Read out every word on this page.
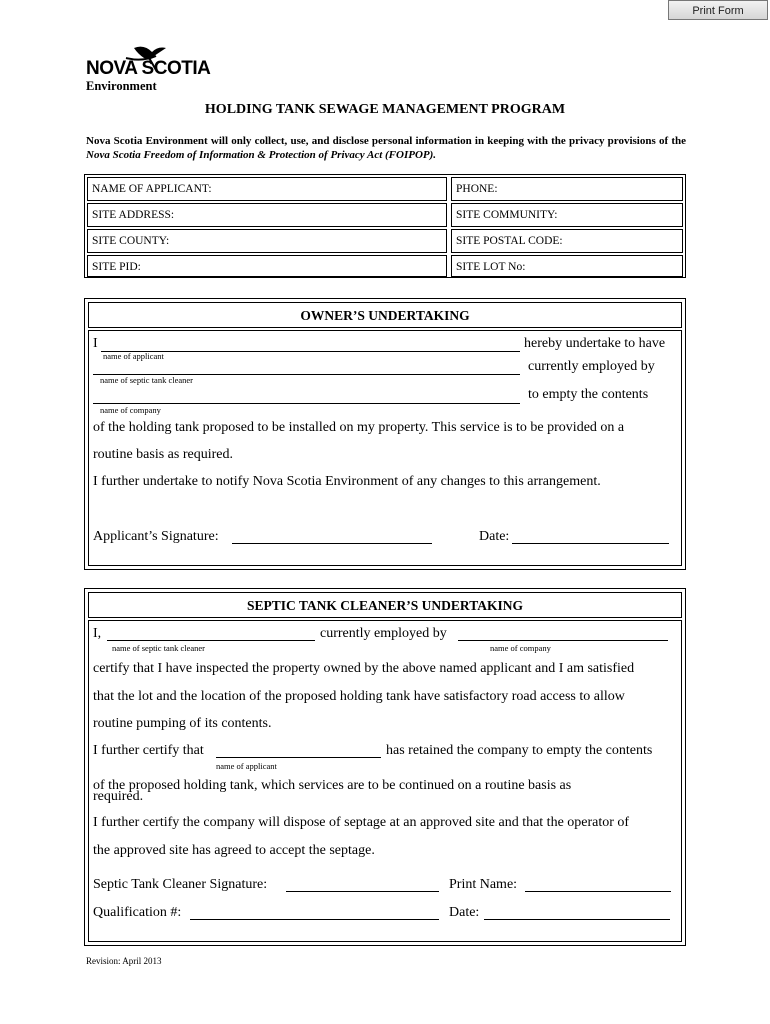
Print Form
NOVA SCOTIA
Environment
HOLDING TANK SEWAGE MANAGEMENT PROGRAM
Nova Scotia Environment will only collect, use, and disclose personal information in keeping with the privacy provisions of the Nova Scotia Freedom of Information & Protection of Privacy Act (FOIPOP).
NAME OF APPLICANT:	PHONE:
SITE ADDRESS:	SITE COMMUNITY:
SITE COUNTY:	SITE POSTAL CODE:
SITE PID:	SITE LOT No:
OWNER’S UNDERTAKING
I	hereby undertake to have
name of applicant
currently employed by
name of septic tank cleaner
to empty the contents
name of company
of the holding tank proposed to be installed on my property. This service is to be provided on a
routine basis as required.
I further undertake to notify Nova Scotia Environment of any changes to this arrangement.
Applicant’s Signature:	Date:
SEPTIC TANK CLEANER’S UNDERTAKING
I,	currently employed by
name of septic tank cleaner	name of company
certify that I have inspected the property owned by the above named applicant and I am satisfied
that the lot and the location of the proposed holding tank have satisfactory road access to allow
routine pumping of its contents.
I further certify that	has retained the company to empty the contents
name of applicant
of the proposed holding tank, which services are to be continued on a routine basis as
required.
I further certify the company will dispose of septage at an approved site and that the operator of
the approved site has agreed to accept the septage.
Septic Tank Cleaner Signature:	Print Name:
Qualification #:	Date:
Revision: April 2013
